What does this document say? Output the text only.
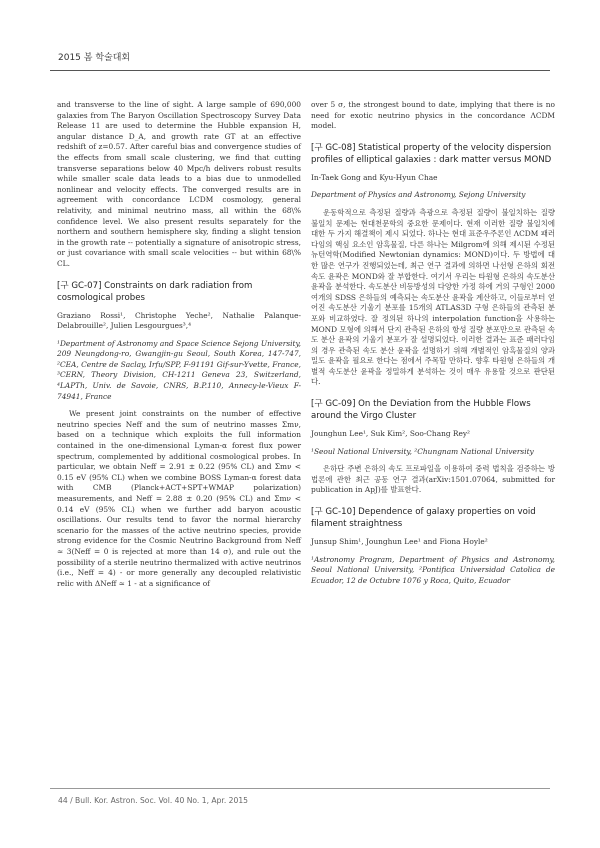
2015 봄 학술대회

and transverse to the line of sight. A large sample of 690,000 galaxies from The Baryon Oscillation Spectroscopy Survey Data Release 11 are used to determine the Hubble expansion H, angular distance D_A, and growth rate GT at an effective redshift of z=0.57. After careful bias and convergence studies of the effects from small scale clustering, we find that cutting transverse separations below 40 Mpc/h delivers robust results while smaller scale data leads to a bias due to unmodelled nonlinear and velocity effects. The converged results are in agreement with concordance LCDM cosmology, general relativity, and minimal neutrino mass, all within the 68\% confidence level. We also present results separately for the northern and southern hemisphere sky, finding a slight tension in the growth rate -- potentially a signature of anisotropic stress, or just covariance with small scale velocities -- but within 68\% CL.

[구 GC-07] Constraints on dark radiation from cosmological probes

Graziano Rossi¹, Christophe Yeche², Nathalie Palanque-Delabrouille², Julien Lesgourgues³,⁴

¹Department of Astronomy and Space Science Sejong University, 209 Neungdong-ro, Gwangjin-gu Seoul, South Korea, 147-747, ²CEA, Centre de Saclay, Irfu/SPP, F-91191 Gif-sur-Yvette, France, ³CERN, Theory Division, CH-1211 Geneva 23, Switzerland, ⁴LAPTh, Univ. de Savoie, CNRS, B.P.110, Annecy-le-Vieux F-74941, France

We present joint constraints on the number of effective neutrino species Neff and the sum of neutrino masses Σmν, based on a technique which exploits the full information contained in the one-dimensional Lyman-α forest flux power spectrum, complemented by additional cosmological probes. In particular, we obtain Neff = 2.91 ± 0.22 (95% CL) and Σmν < 0.15 eV (95% CL) when we combine BOSS Lyman-α forest data with CMB (Planck+ACT+SPT+WMAP polarization) measurements, and Neff = 2.88 ± 0.20 (95% CL) and Σmν < 0.14 eV (95% CL) when we further add baryon acoustic oscillations. Our results tend to favor the normal hierarchy scenario for the masses of the active neutrino species, provide strong evidence for the Cosmic Neutrino Background from Neff ≈ 3(Neff = 0 is rejected at more than 14 σ), and rule out the possibility of a sterile neutrino thermalized with active neutrinos (i.e., Neff = 4) - or more generally any decoupled relativistic relic with ΔNeff ≃ 1 - at a significance of

over 5 σ, the strongest bound to date, implying that there is no need for exotic neutrino physics in the concordance ΛCDM model.

[구 GC-08] Statistical property of the velocity dispersion profiles of elliptical galaxies : dark matter versus MOND

In-Taek Gong and Kyu-Hyun Chae

Department of Physics and Astronomy, Sejong University

운동학적으로 측정된 질량과 측광으로 측정된 질량이 불일치하는 질량 불일치 문제는 현대천문학의 중요한 문제이다. 현재 이러한 질량 불일치에 대한 두 가지 해결책이 제시 되었다. 하나는 현대 표준우주론인 ΛCDM 패러다임의 핵심 요소인 암흑물질, 다른 하나는 Milgrom에 의해 제시된 수정된 뉴턴역학(Modified Newtonian dynamics: MOND)이다. 두 방법에 대한 많은 연구가 진행되었는데, 최근 연구 결과에 의하면 나선형 은하의 회전속도 윤곽은 MOND와 잘 부합한다. 여기서 우리는 타원형 은하의 속도분산 윤곽을 분석한다. 속도분산 비등방성의 다양한 가정 하에 거의 구형인 2000여개의 SDSS 은하들의 예측되는 속도분산 윤곽을 계산하고, 이들로부터 얻어진 속도분산 기울기 분포를 15개의 ATLAS3D 구형 은하들의 관측된 분포와 비교하였다. 잘 정의된 하나의 interpolation function을 사용하는 MOND 모형에 의해서 단지 관측된 은하의 항성 질량 분포만으로 관측된 속도 분산 윤곽의 기울기 분포가 잘 설명되었다. 이러한 결과는 표준 패러다임의 경우 관측된 속도 분산 윤곽을 설명하기 위해 개별적인 암흑물질의 양과 밀도 윤곽을 필요로 한다는 점에서 주목할 만하다. 향후 타원형 은하들의 개별적 속도분산 윤곽을 정밀하게 분석하는 것이 매우 유용할 것으로 판단된다.

[구 GC-09] On the Deviation from the Hubble Flows around the Virgo Cluster

Jounghun Lee¹, Suk Kim², Soo-Chang Rey²

¹Seoul National University, ²Chungnam National University

은하단 주변 은하의 속도 프로파일을 이용하여 중력 법칙을 검증하는 방법론에 관한 최근 공동 연구 결과(arXiv:1501.07064, submitted for publication in ApJ)를 발표한다.

[구 GC-10] Dependence of galaxy properties on void filament straightness

Junsup Shim¹, Jounghun Lee¹ and Fiona Hoyle²

¹Astronomy Program, Department of Physics and Astronomy, Seoul National University, ²Pontifica Universidad Catolica de Ecuador, 12 de Octubre 1076 y Roca, Quito, Ecuador

44 / Bull. Kor. Astron. Soc. Vol. 40 No. 1, Apr. 2015
